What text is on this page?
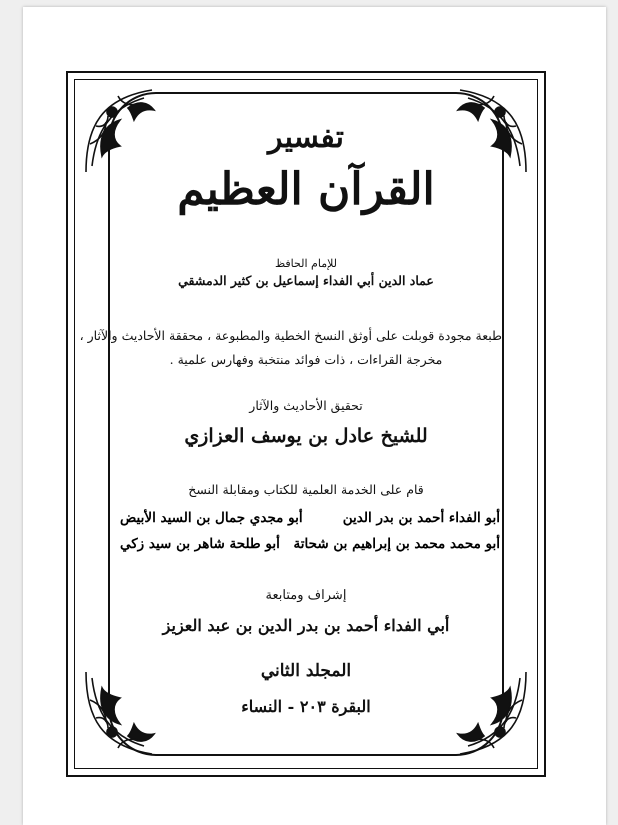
تفسير
القرآن العظيم
للإمام الحافظ
عماد الدين أبي الفداء إسماعيل بن كثير الدمشقي
طبعة مجودة قوبلت على أوثق النسخ الخطية والمطبوعة ، محققة الأحاديث والآثار ،
مخرجة القراءات ، ذات فوائد منتخبة وفهارس علمية .
تحقيق الأحاديث والآثار
للشيخ عادل بن يوسف العزازي
قام على الخدمة العلمية للكتاب ومقابلة النسخ
أبو الفداء أحمد بن بدر الدين
أبو مجدي جمال بن السيد الأبيض
أبو محمد محمد بن إبراهيم بن شحاتة
أبو طلحة شاهر بن سيد زكي
إشراف ومتابعة
أبي الفداء أحمد بن بدر الدين بن عبد العزيز
المجلد الثاني
البقرة ٢٠٣ - النساء
